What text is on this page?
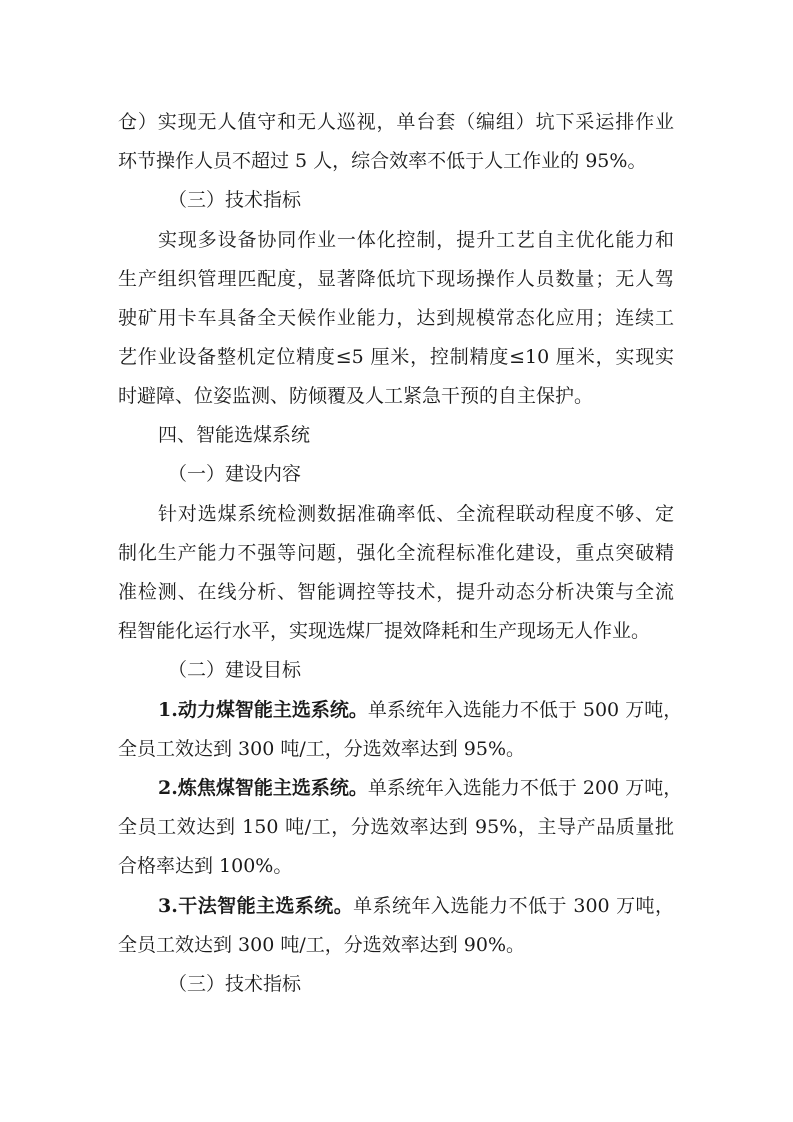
仓）实现无人值守和无人巡视，单台套（编组）坑下采运排作业
环节操作人员不超过 5 人，综合效率不低于人工作业的 95%。
（三）技术指标
实现多设备协同作业一体化控制，提升工艺自主优化能力和
生产组织管理匹配度，显著降低坑下现场操作人员数量；无人驾
驶矿用卡车具备全天候作业能力，达到规模常态化应用；连续工
艺作业设备整机定位精度≤5 厘米，控制精度≤10 厘米，实现实
时避障、位姿监测、防倾覆及人工紧急干预的自主保护。
四、智能选煤系统
（一）建设内容
针对选煤系统检测数据准确率低、全流程联动程度不够、定
制化生产能力不强等问题，强化全流程标准化建设，重点突破精
准检测、在线分析、智能调控等技术，提升动态分析决策与全流
程智能化运行水平，实现选煤厂提效降耗和生产现场无人作业。
（二）建设目标
1.动力煤智能主选系统。单系统年入选能力不低于 500 万吨，
全员工效达到 300 吨/工，分选效率达到 95%。
2.炼焦煤智能主选系统。单系统年入选能力不低于 200 万吨，
全员工效达到 150 吨/工，分选效率达到 95%，主导产品质量批
合格率达到 100%。
3.干法智能主选系统。单系统年入选能力不低于 300 万吨，
全员工效达到 300 吨/工，分选效率达到 90%。
（三）技术指标
